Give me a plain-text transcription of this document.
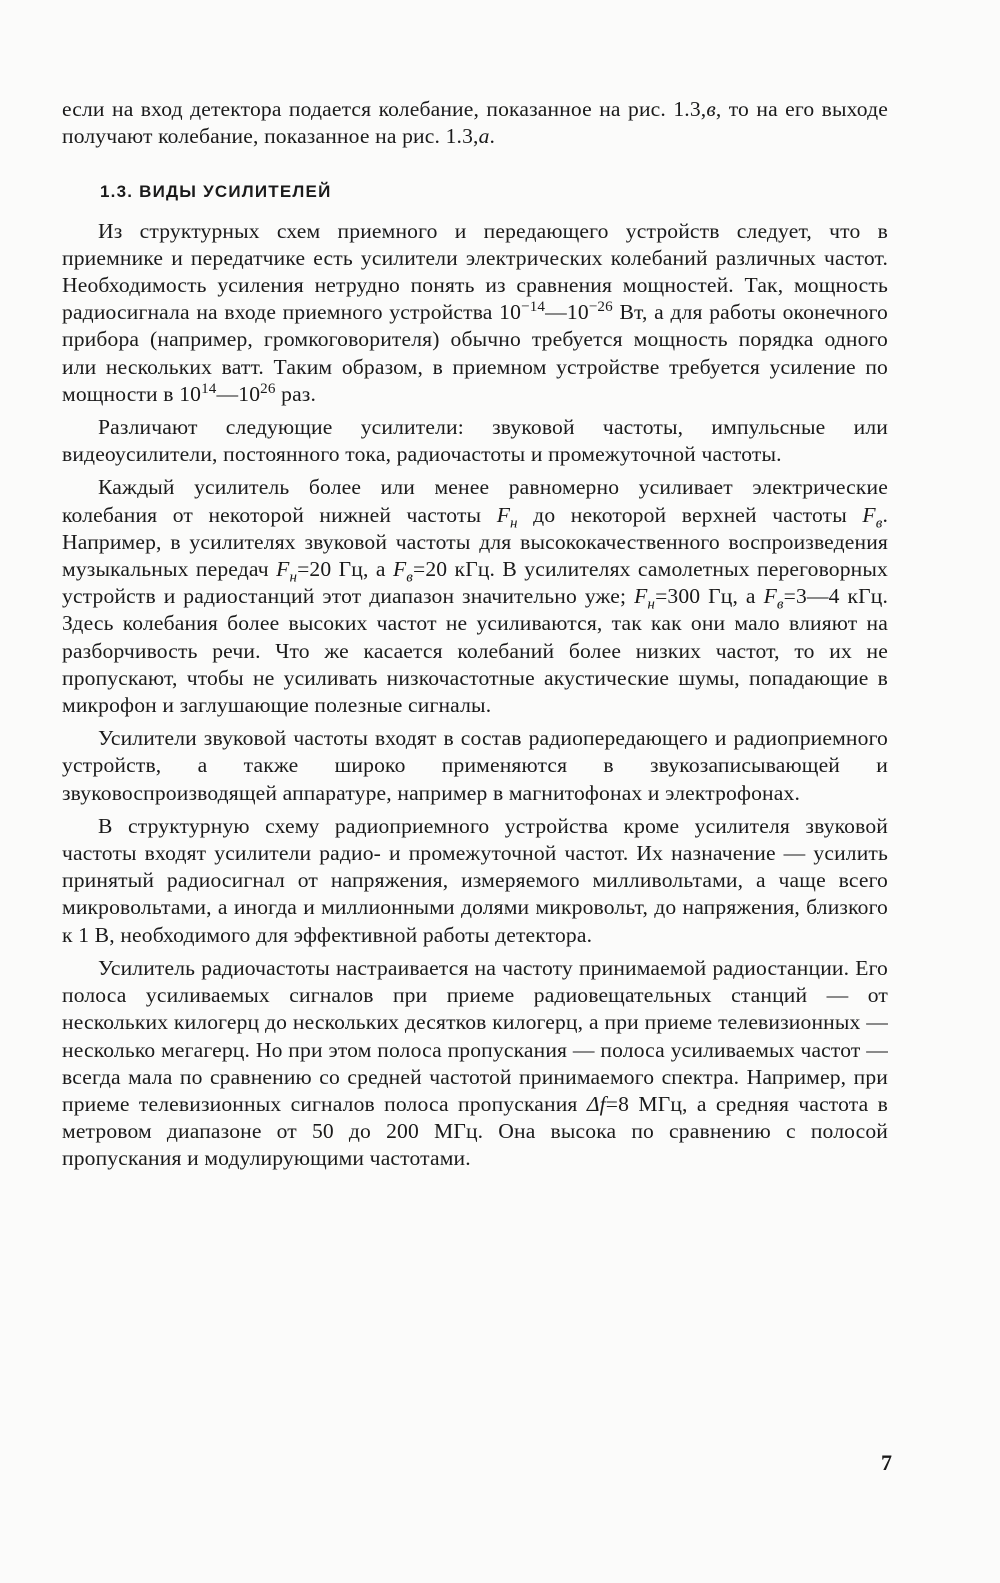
если на вход детектора подается колебание, показанное на рис. 1.3,в, то на его выходе получают колебание, показанное на рис. 1.3,а.

1.3. ВИДЫ УСИЛИТЕЛЕЙ

Из структурных схем приемного и передающего устройств следует, что в приемнике и передатчике есть усилители электрических колебаний различных частот. Необходимость усиления нетрудно понять из сравнения мощностей. Так, мощность радиосигнала на входе приемного устройства $10^{-14}—10^{-26}$ Вт, а для работы оконечного прибора (например, громкоговорителя) обычно требуется мощность порядка одного или нескольких ватт. Таким образом, в приемном устройстве требуется усиление по мощности в $10^{14}—10^{26}$ раз.

Различают следующие усилители: звуковой частоты, импульсные или видеоусилители, постоянного тока, радиочастоты и промежуточной частоты.

Каждый усилитель более или менее равномерно усиливает электрические колебания от некоторой нижней частоты $F_н$ до некоторой верхней частоты $F_в$. Например, в усилителях звуковой частоты для высококачественного воспроизведения музыкальных передач $F_н=20$ Гц, а $F_в=20$ кГц. В усилителях самолетных переговорных устройств и радиостанций этот диапазон значительно уже; $F_н=300$ Гц, а $F_в=3—4$ кГц. Здесь колебания более высоких частот не усиливаются, так как они мало влияют на разборчивость речи. Что же касается колебаний более низких частот, то их не пропускают, чтобы не усиливать низкочастотные акустические шумы, попадающие в микрофон и заглушающие полезные сигналы.

Усилители звуковой частоты входят в состав радиопередающего и радиоприемного устройств, а также широко применяются в звукозаписывающей и звуковоспроизводящей аппаратуре, например в магнитофонах и электрофонах.

В структурную схему радиоприемного устройства кроме усилителя звуковой частоты входят усилители радио- и промежуточной частот. Их назначение — усилить принятый радиосигнал от напряжения, измеряемого милливольтами, а чаще всего микровольтами, а иногда и миллионными долями микровольт, до напряжения, близкого к 1 В, необходимого для эффективной работы детектора.

Усилитель радиочастоты настраивается на частоту принимаемой радиостанции. Его полоса усиливаемых сигналов при приеме радиовещательных станций — от нескольких килогерц до нескольких десятков килогерц, а при приеме телевизионных — несколько мегагерц. Но при этом полоса пропускания — полоса усиливаемых частот — всегда мала по сравнению со средней частотой принимаемого спектра. Например, при приеме телевизионных сигналов полоса пропускания Δf=8 МГц, а средняя частота в метровом диапазоне от 50 до 200 МГц. Она высока по сравнению с полосой пропускания и модулирующими частотами.

7
